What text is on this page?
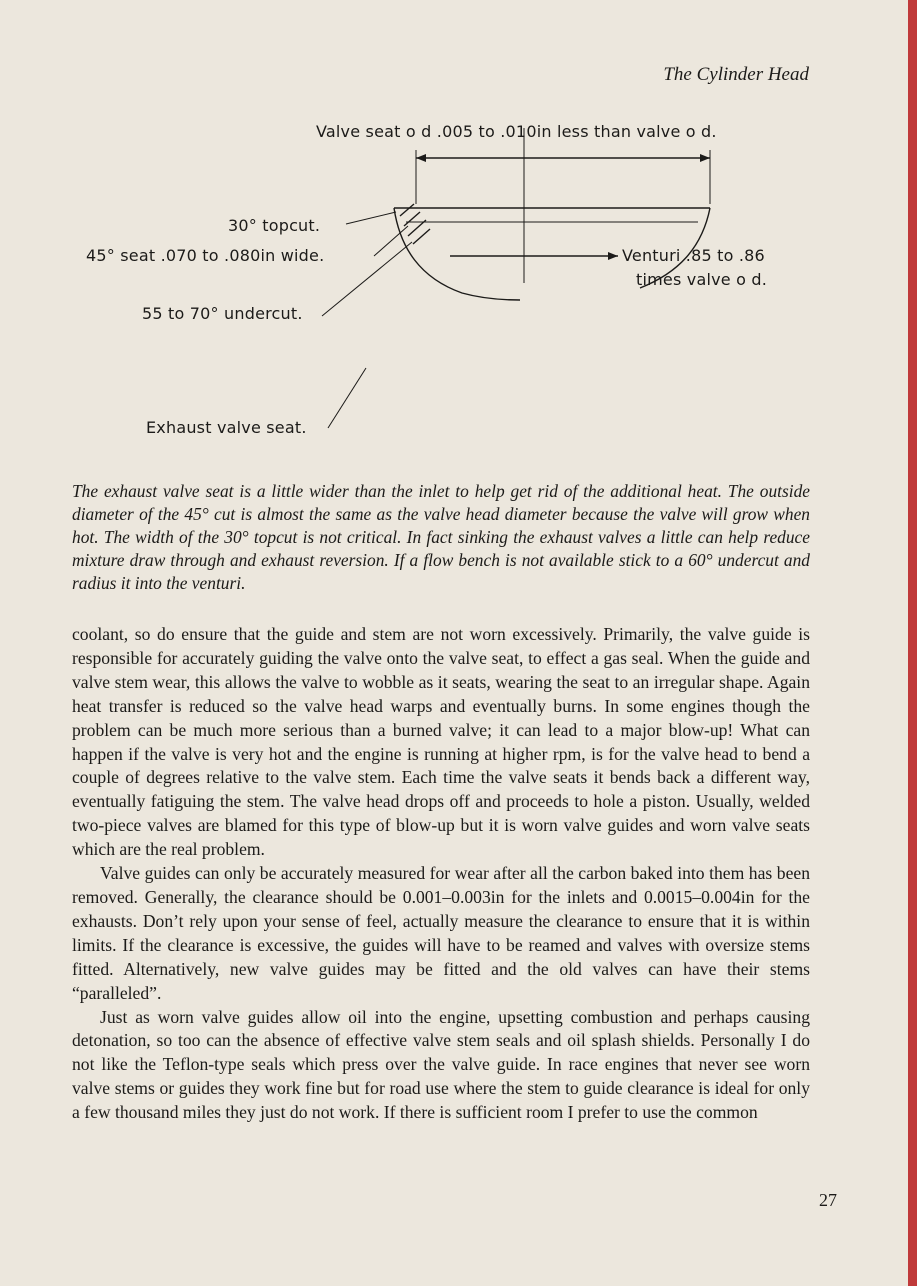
The Cylinder Head
Valve seat o d .005 to .010in less than valve o d.
30° topcut.
45° seat .070 to .080in wide.	Venturi .85 to .86
times valve o d.
55 to 70° undercut.
Exhaust valve seat.

The exhaust valve seat is a little wider than the inlet to help get rid of the additional heat. The outside diameter of the 45° cut is almost the same as the valve head diameter because the valve will grow when hot. The width of the 30° topcut is not critical. In fact sinking the exhaust valves a little can help reduce mixture draw through and exhaust reversion. If a flow bench is not available stick to a 60° undercut and radius it into the venturi.

coolant, so do ensure that the guide and stem are not worn excessively. Primarily, the valve guide is responsible for accurately guiding the valve onto the valve seat, to effect a gas seal. When the guide and valve stem wear, this allows the valve to wobble as it seats, wearing the seat to an irregular shape. Again heat transfer is reduced so the valve head warps and eventually burns. In some engines though the problem can be much more serious than a burned valve; it can lead to a major blow-up! What can happen if the valve is very hot and the engine is running at higher rpm, is for the valve head to bend a couple of degrees relative to the valve stem. Each time the valve seats it bends back a different way, eventually fatiguing the stem. The valve head drops off and proceeds to hole a piston. Usually, welded two-piece valves are blamed for this type of blow-up but it is worn valve guides and worn valve seats which are the real problem.

Valve guides can only be accurately measured for wear after all the carbon baked into them has been removed. Generally, the clearance should be 0.001–0.003in for the inlets and 0.0015–0.004in for the exhausts. Don’t rely upon your sense of feel, actually measure the clearance to ensure that it is within limits. If the clearance is excessive, the guides will have to be reamed and valves with oversize stems fitted. Alternatively, new valve guides may be fitted and the old valves can have their stems “paralleled”.

Just as worn valve guides allow oil into the engine, upsetting combustion and perhaps causing detonation, so too can the absence of effective valve stem seals and oil splash shields. Personally I do not like the Teflon-type seals which press over the valve guide. In race engines that never see worn valve stems or guides they work fine but for road use where the stem to guide clearance is ideal for only a few thousand miles they just do not work. If there is sufficient room I prefer to use the common

27
